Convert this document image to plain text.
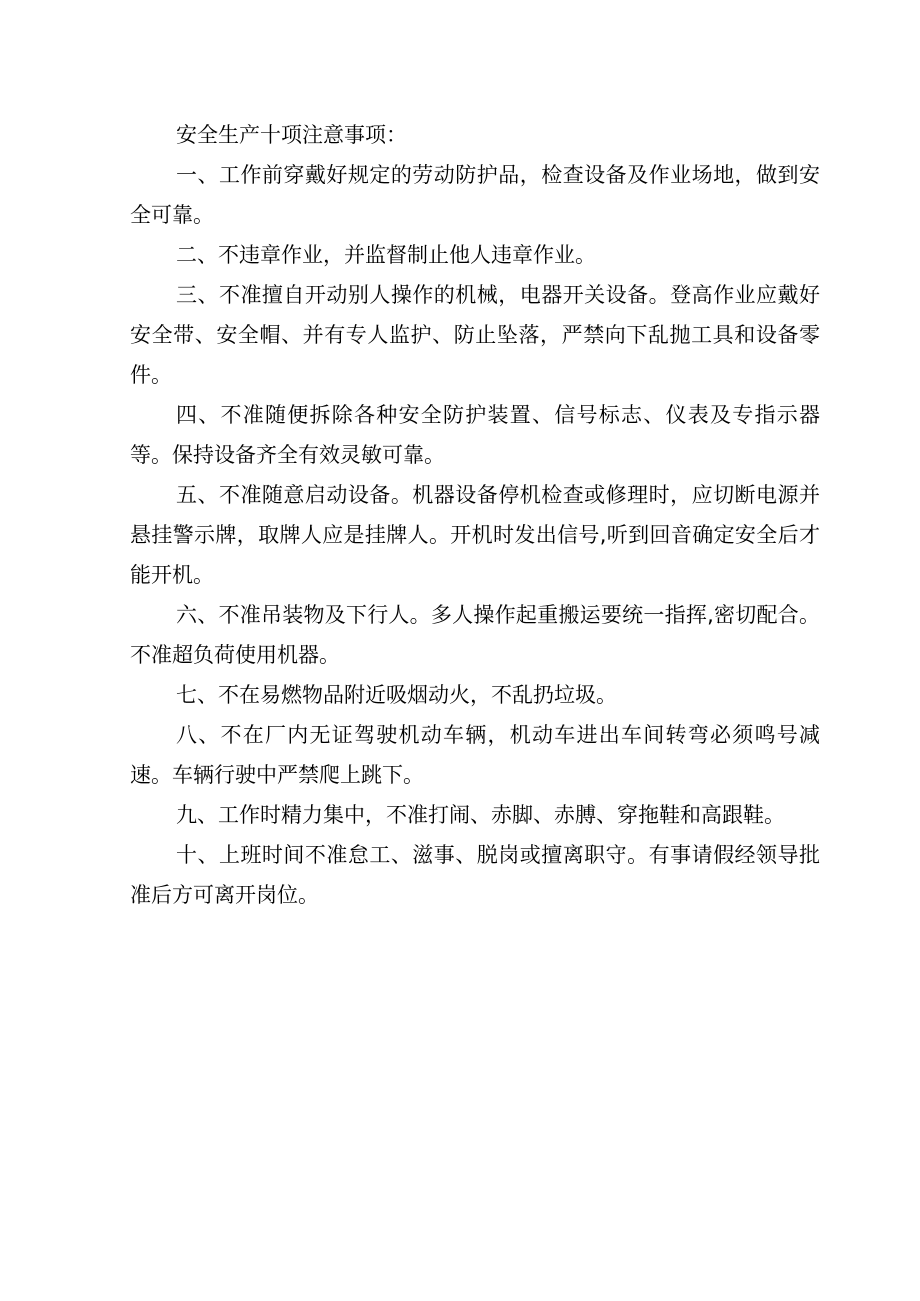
安全生产十项注意事项：

一、工作前穿戴好规定的劳动防护品，检查设备及作业场地，做到安全可靠。

二、不违章作业，并监督制止他人违章作业。

三、不准擅自开动别人操作的机械，电器开关设备。登高作业应戴好安全带、安全帽、并有专人监护、防止坠落，严禁向下乱抛工具和设备零件。

四、不准随便拆除各种安全防护装置、信号标志、仪表及专指示器等。保持设备齐全有效灵敏可靠。

五、不准随意启动设备。机器设备停机检查或修理时，应切断电源并悬挂警示牌，取牌人应是挂牌人。开机时发出信号,听到回音确定安全后才能开机。

六、不准吊装物及下行人。多人操作起重搬运要统一指挥,密切配合。不准超负荷使用机器。

七、不在易燃物品附近吸烟动火，不乱扔垃圾。

八、不在厂内无证驾驶机动车辆，机动车进出车间转弯必须鸣号减速。车辆行驶中严禁爬上跳下。

九、工作时精力集中，不准打闹、赤脚、赤膊、穿拖鞋和高跟鞋。

十、上班时间不准怠工、滋事、脱岗或擅离职守。有事请假经领导批准后方可离开岗位。
